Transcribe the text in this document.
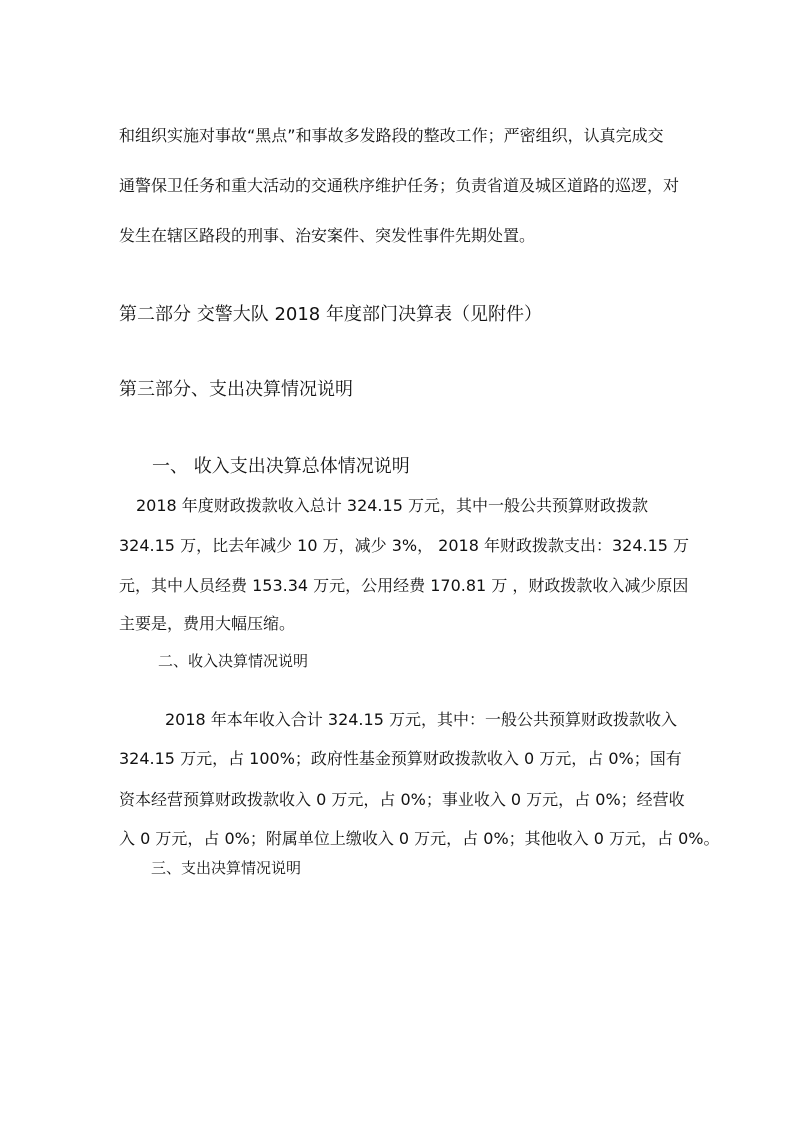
和组织实施对事故“黑点”和事故多发路段的整改工作；严密组织，认真完成交
通警保卫任务和重大活动的交通秩序维护任务；负责省道及城区道路的巡逻，对
发生在辖区路段的刑事、治安案件、突发性事件先期处置。
第二部分 交警大队 2018 年度部门决算表（见附件）
第三部分、支出决算情况说明
一、 收入支出决算总体情况说明
2018 年度财政拨款收入总计 324.15 万元，其中一般公共预算财政拨款
324.15 万，比去年减少 10 万，减少 3%， 2018 年财政拨款支出：324.15 万
元，其中人员经费 153.34 万元，公用经费 170.81 万 ，财政拨款收入减少原因
主要是，费用大幅压缩。
二、收入决算情况说明
2018 年本年收入合计 324.15 万元，其中：一般公共预算财政拨款收入
324.15 万元，占 100%；政府性基金预算财政拨款收入 0 万元，占 0%；国有
资本经营预算财政拨款收入 0 万元，占 0%；事业收入 0 万元，占 0%；经营收
入 0 万元，占 0%；附属单位上缴收入 0 万元，占 0%；其他收入 0 万元，占 0%。
三、支出决算情况说明
